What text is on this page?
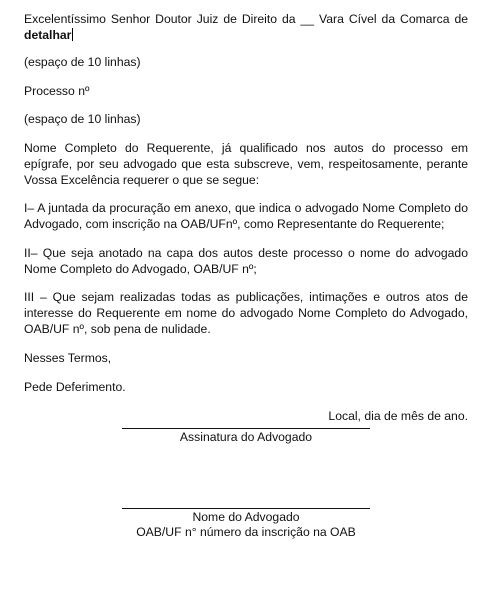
Excelentíssimo Senhor Doutor Juiz de Direito da __ Vara Cível da Comarca de detalhar

(espaço de 10 linhas)

Processo nº

(espaço de 10 linhas)

Nome Completo do Requerente, já qualificado nos autos do processo em epígrafe, por seu advogado que esta subscreve, vem, respeitosamente, perante Vossa Excelência requerer o que se segue:

I– A juntada da procuração em anexo, que indica o advogado Nome Completo do Advogado, com inscrição na OAB/UFnº, como Representante do Requerente;

II– Que seja anotado na capa dos autos deste processo o nome do advogado Nome Completo do Advogado, OAB/UF nº;

III – Que sejam realizadas todas as publicações, intimações e outros atos de interesse do Requerente em nome do advogado Nome Completo do Advogado, OAB/UF nº, sob pena de nulidade.

Nesses Termos,

Pede Deferimento.

Local, dia de mês de ano.

Assinatura do Advogado
Nome do Advogado
OAB/UF n° número da inscrição na OAB
